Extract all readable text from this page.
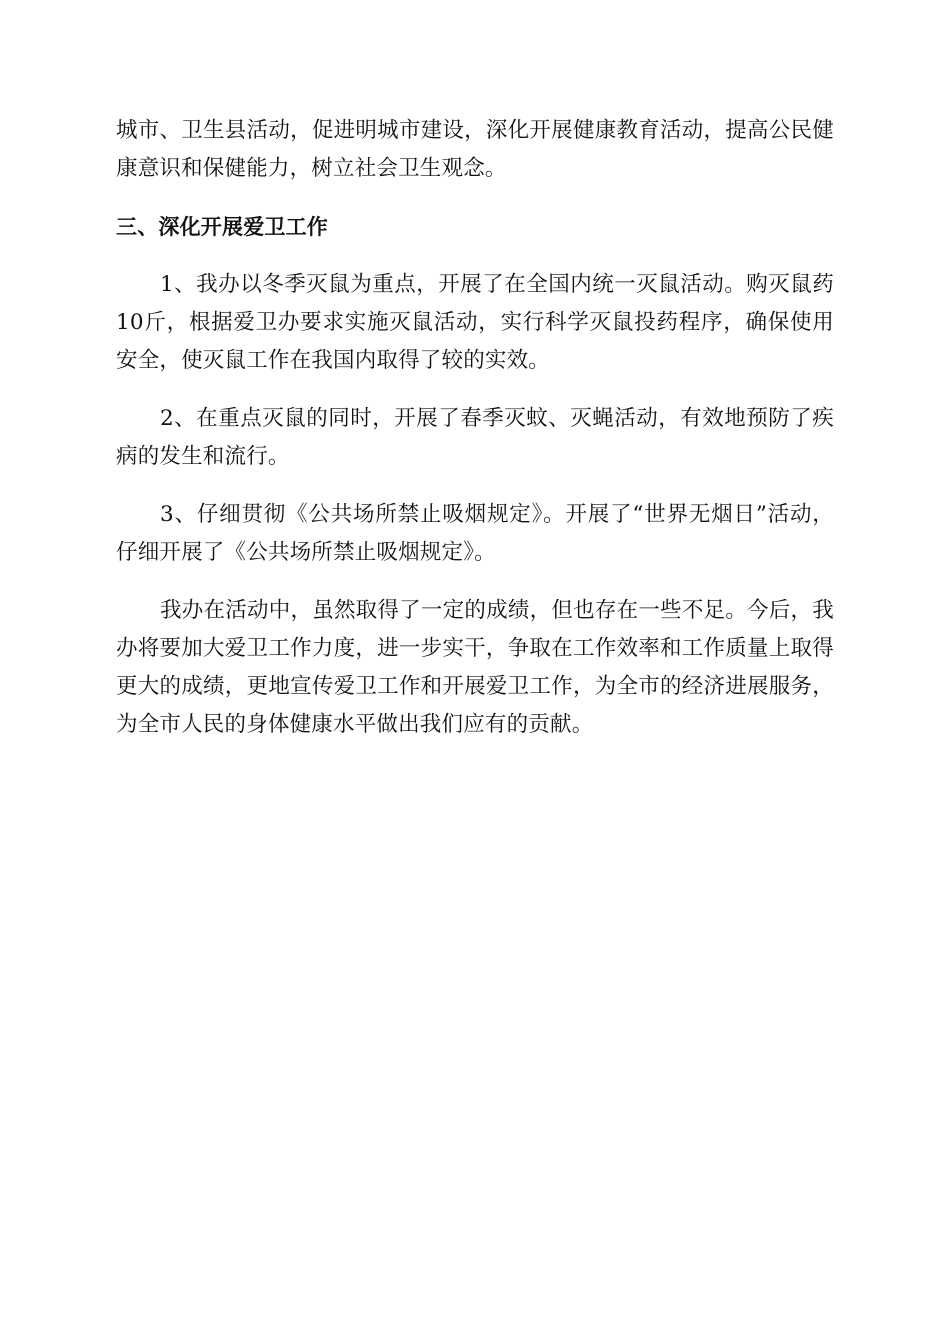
城市、卫生县活动，促进明城市建设，深化开展健康教育活动，提高公民健康意识和保健能力，树立社会卫生观念。

三、深化开展爱卫工作

1、我办以冬季灭鼠为重点，开展了在全国内统一灭鼠活动。购灭鼠药10斤，根据爱卫办要求实施灭鼠活动，实行科学灭鼠投药程序，确保使用安全，使灭鼠工作在我国内取得了较的实效。

2、在重点灭鼠的同时，开展了春季灭蚊、灭蝇活动，有效地预防了疾病的发生和流行。

3、仔细贯彻《公共场所禁止吸烟规定》。开展了“世界无烟日”活动，仔细开展了《公共场所禁止吸烟规定》。

我办在活动中，虽然取得了一定的成绩，但也存在一些不足。今后，我办将要加大爱卫工作力度，进一步实干，争取在工作效率和工作质量上取得更大的成绩，更地宣传爱卫工作和开展爱卫工作，为全市的经济进展服务，为全市人民的身体健康水平做出我们应有的贡献。
